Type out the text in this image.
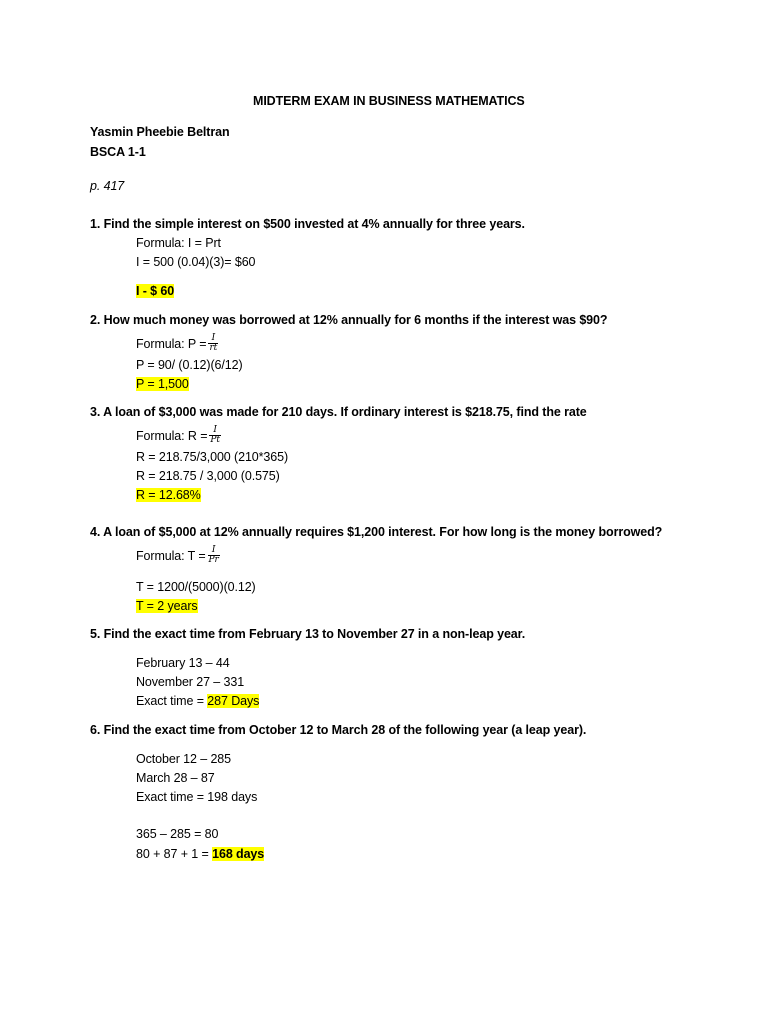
MIDTERM EXAM IN BUSINESS MATHEMATICS
Yasmin Pheebie Beltran
BSCA 1-1
p. 417
1. Find the simple interest on $500 invested at 4% annually for three years.
Formula: I = Prt
I = 500 (0.04)(3)= $60
I - $ 60
2. How much money was borrowed at 12% annually for 6 months if the interest was $90?
Formula: $P = \frac{I}{rt}$
P = 90/ (0.12)(6/12)
P = 1,500
3. A loan of $3,000 was made for 210 days. If ordinary interest is $218.75, find the rate
Formula: $R = \frac{I}{Pt}$
R = 218.75/3,000 (210*365)
R = 218.75 / 3,000 (0.575)
R = 12.68%
4. A loan of $5,000 at 12% annually requires $1,200 interest. For how long is the money borrowed?
Formula: $T = \frac{I}{Pr}$
T = 1200/(5000)(0.12)
T = 2 years
5. Find the exact time from February 13 to November 27 in a non-leap year.
February 13 – 44
November 27 – 331
Exact time = 287 Days
6. Find the exact time from October 12 to March 28 of the following year (a leap year).
October 12 – 285
March 28 – 87
Exact time = 198 days
365 – 285 = 80
80 + 87 + 1 = 168 days
